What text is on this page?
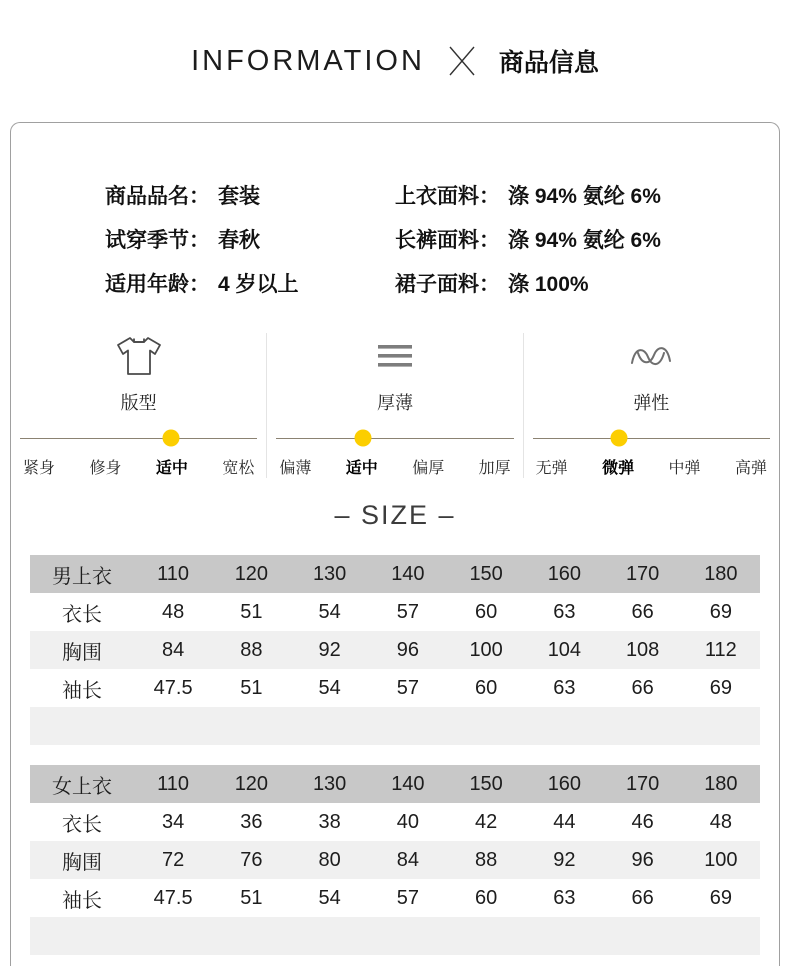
INFORMATION	商品信息
商品品名： 套装
试穿季节： 春秋
适用年龄： 4 岁以上
上衣面料： 涤 94% 氨纶 6%
长裤面料： 涤 94% 氨纶 6%
裙子面料： 涤 100%
版型
紧身 修身 适中 宽松
厚薄
偏薄 适中 偏厚 加厚
弹性
无弹 微弹 中弹 高弹
– SIZE –
男上衣	110	120	130	140	150	160	170	180
衣长	48	51	54	57	60	63	66	69
胸围	84	88	92	96	100	104	108	112
袖长	47.5	51	54	57	60	63	66	69

女上衣	110	120	130	140	150	160	170	180
衣长	34	36	38	40	42	44	46	48
胸围	72	76	80	84	88	92	96	100
袖长	47.5	51	54	57	60	63	66	69
